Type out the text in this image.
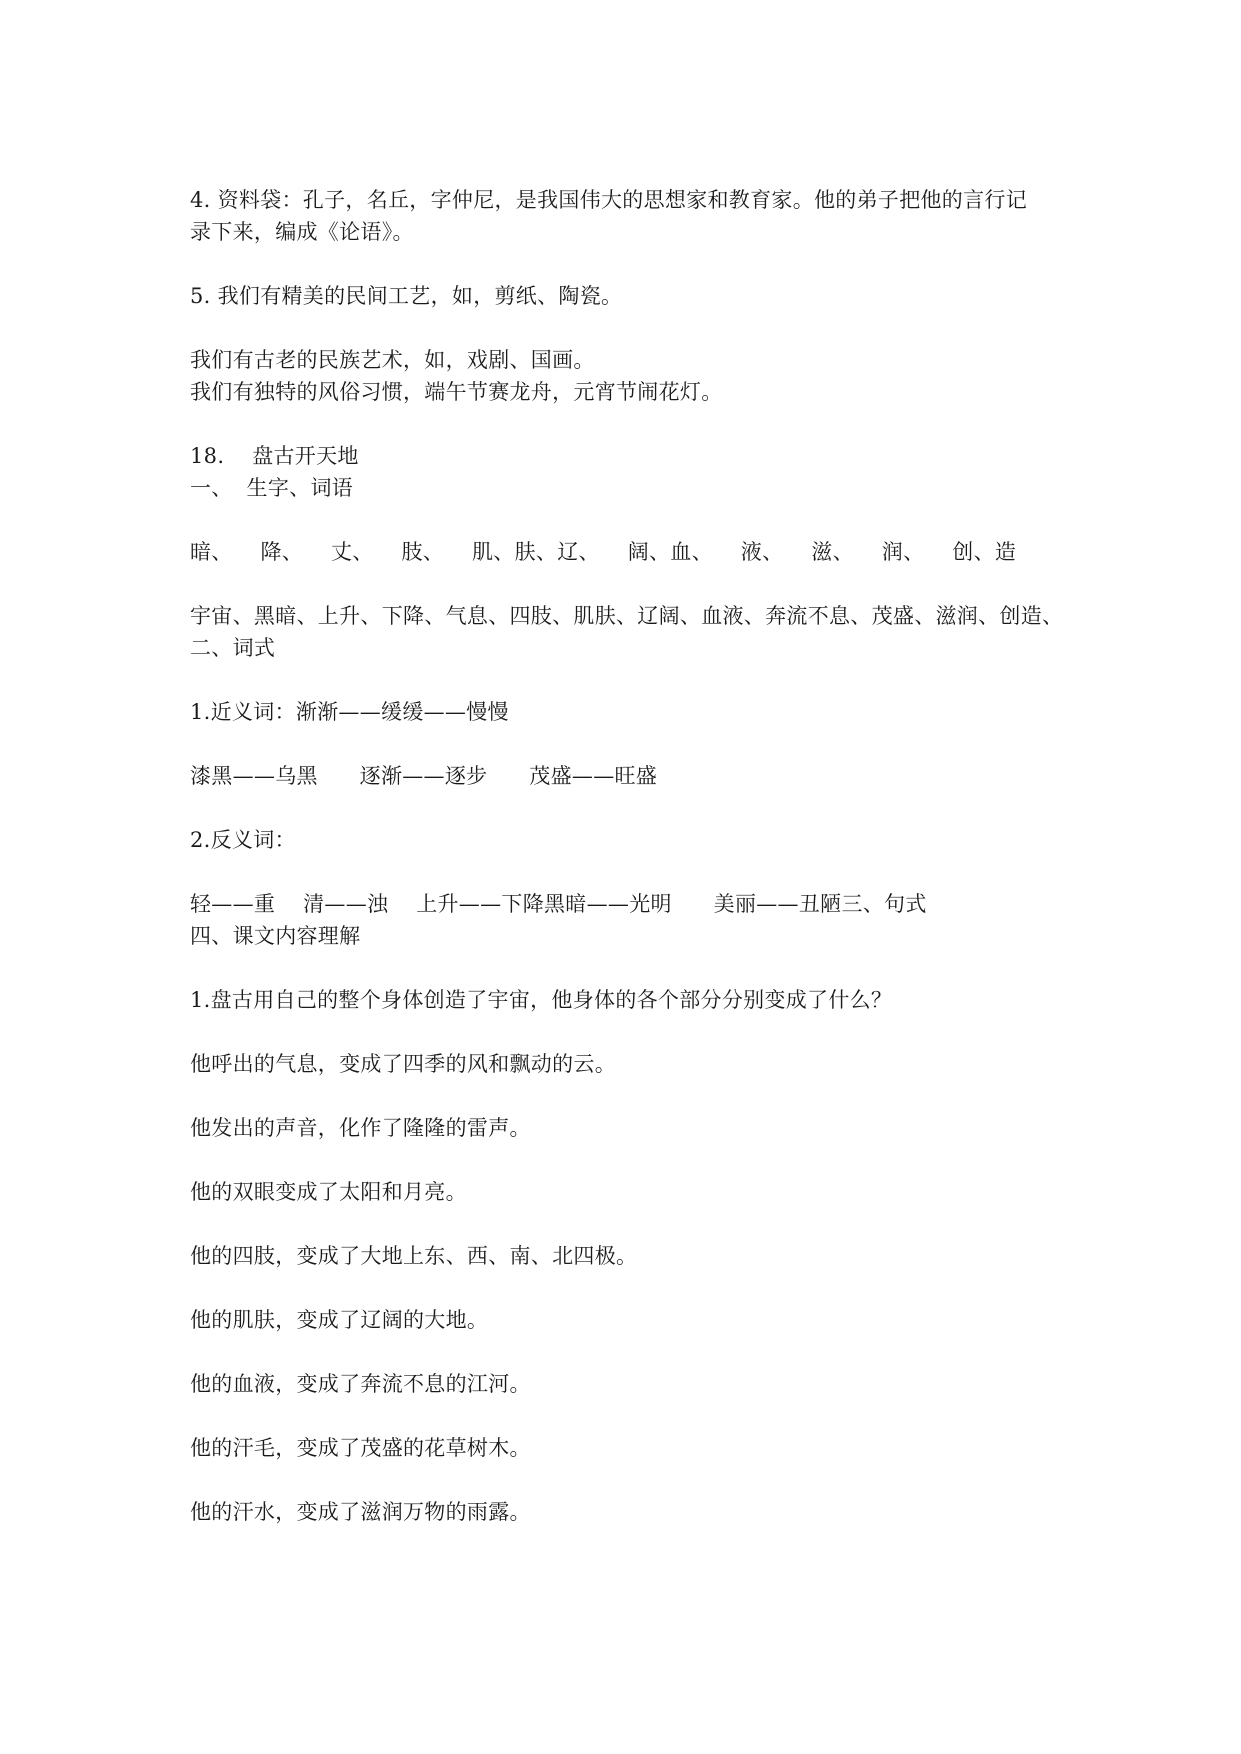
4. 资料袋：孔子，名丘，字仲尼，是我国伟大的思想家和教育家。他的弟子把他的言行记
录下来，编成《论语》。
5. 我们有精美的民间工艺，如，剪纸、陶瓷。
我们有古老的民族艺术，如，戏剧、国画。
我们有独特的风俗习惯，端午节赛龙舟，元宵节闹花灯。
18.    盘古开天地
一、  生字、词语
暗、    降、    丈、    肢、    肌、肤、辽、    阔、血、    液、    滋、    润、    创、造
宇宙、黑暗、上升、下降、气息、四肢、肌肤、辽阔、血液、奔流不息、茂盛、滋润、创造、
二、词式
1.近义词：渐渐——缓缓——慢慢
漆黑——乌黑      逐渐——逐步      茂盛——旺盛
2.反义词：
轻——重    清——浊    上升——下降黑暗——光明      美丽——丑陋三、句式
四、课文内容理解
1.盘古用自己的整个身体创造了宇宙，他身体的各个部分分别变成了什么？
他呼出的气息，变成了四季的风和飘动的云。
他发出的声音，化作了隆隆的雷声。
他的双眼变成了太阳和月亮。
他的四肢，变成了大地上东、西、南、北四极。
他的肌肤，变成了辽阔的大地。
他的血液，变成了奔流不息的江河。
他的汗毛，变成了茂盛的花草树木。
他的汗水，变成了滋润万物的雨露。
